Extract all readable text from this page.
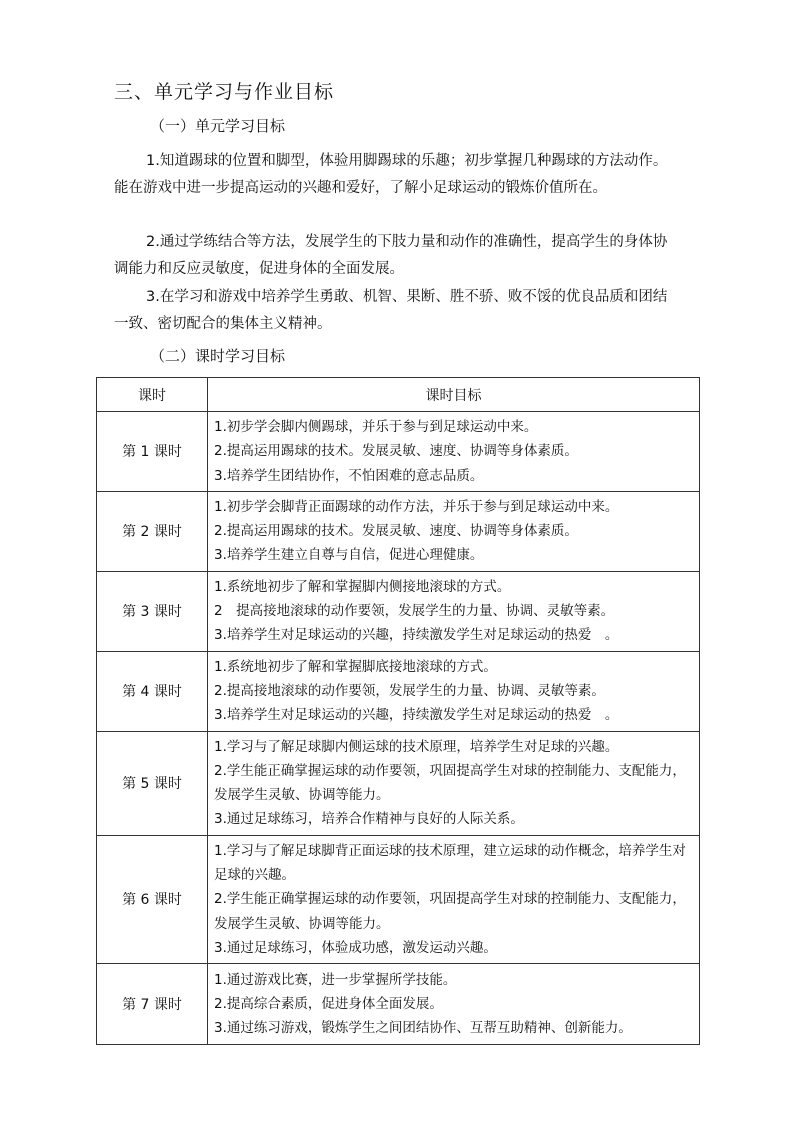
三、单元学习与作业目标
（一）单元学习目标
1.知道踢球的位置和脚型，体验用脚踢球的乐趣；初步掌握几种踢球的方法动作。能在游戏中进一步提高运动的兴趣和爱好，了解小足球运动的锻炼价值所在。
2.通过学练结合等方法，发展学生的下肢力量和动作的准确性，提高学生的身体协调能力和反应灵敏度，促进身体的全面发展。
3.在学习和游戏中培养学生勇敢、机智、果断、胜不骄、败不馁的优良品质和团结一致、密切配合的集体主义精神。
（二）课时学习目标
课时	课时目标
第 1 课时	1.初步学会脚内侧踢球，并乐于参与到足球运动中来。
2.提高运用踢球的技术。发展灵敏、速度、协调等身体素质。
3.培养学生团结协作，不怕困难的意志品质。

第 2 课时	1.初步学会脚背正面踢球的动作方法，并乐于参与到足球运动中来。
2.提高运用踢球的技术。发展灵敏、速度、协调等身体素质。
3.培养学生建立自尊与自信，促进心理健康。

第 3 课时	1.系统地初步了解和掌握脚内侧接地滚球的方式。
2　提高接地滚球的动作要领，发展学生的力量、协调、灵敏等素。
3.培养学生对足球运动的兴趣，持续激发学生对足球运动的热爱　。

第 4 课时	1.系统地初步了解和掌握脚底接地滚球的方式。
2.提高接地滚球的动作要领，发展学生的力量、协调、灵敏等素。
3.培养学生对足球运动的兴趣，持续激发学生对足球运动的热爱　。

第 5 课时	1.学习与了解足球脚内侧运球的技术原理，培养学生对足球的兴趣。
2.学生能正确掌握运球的动作要领，巩固提高学生对球的控制能力、支配能力，发展学生灵敏、协调等能力。
3.通过足球练习，培养合作精神与良好的人际关系。

第 6 课时	1.学习与了解足球脚背正面运球的技术原理，建立运球的动作概念，培养学生对足球的兴趣。
2.学生能正确掌握运球的动作要领，巩固提高学生对球的控制能力、支配能力，发展学生灵敏、协调等能力。
3.通过足球练习，体验成功感，激发运动兴趣。

第 7 课时	1.通过游戏比赛，进一步掌握所学技能。
2.提高综合素质，促进身体全面发展。
3.通过练习游戏，锻炼学生之间团结协作、互帮互助精神、创新能力。
